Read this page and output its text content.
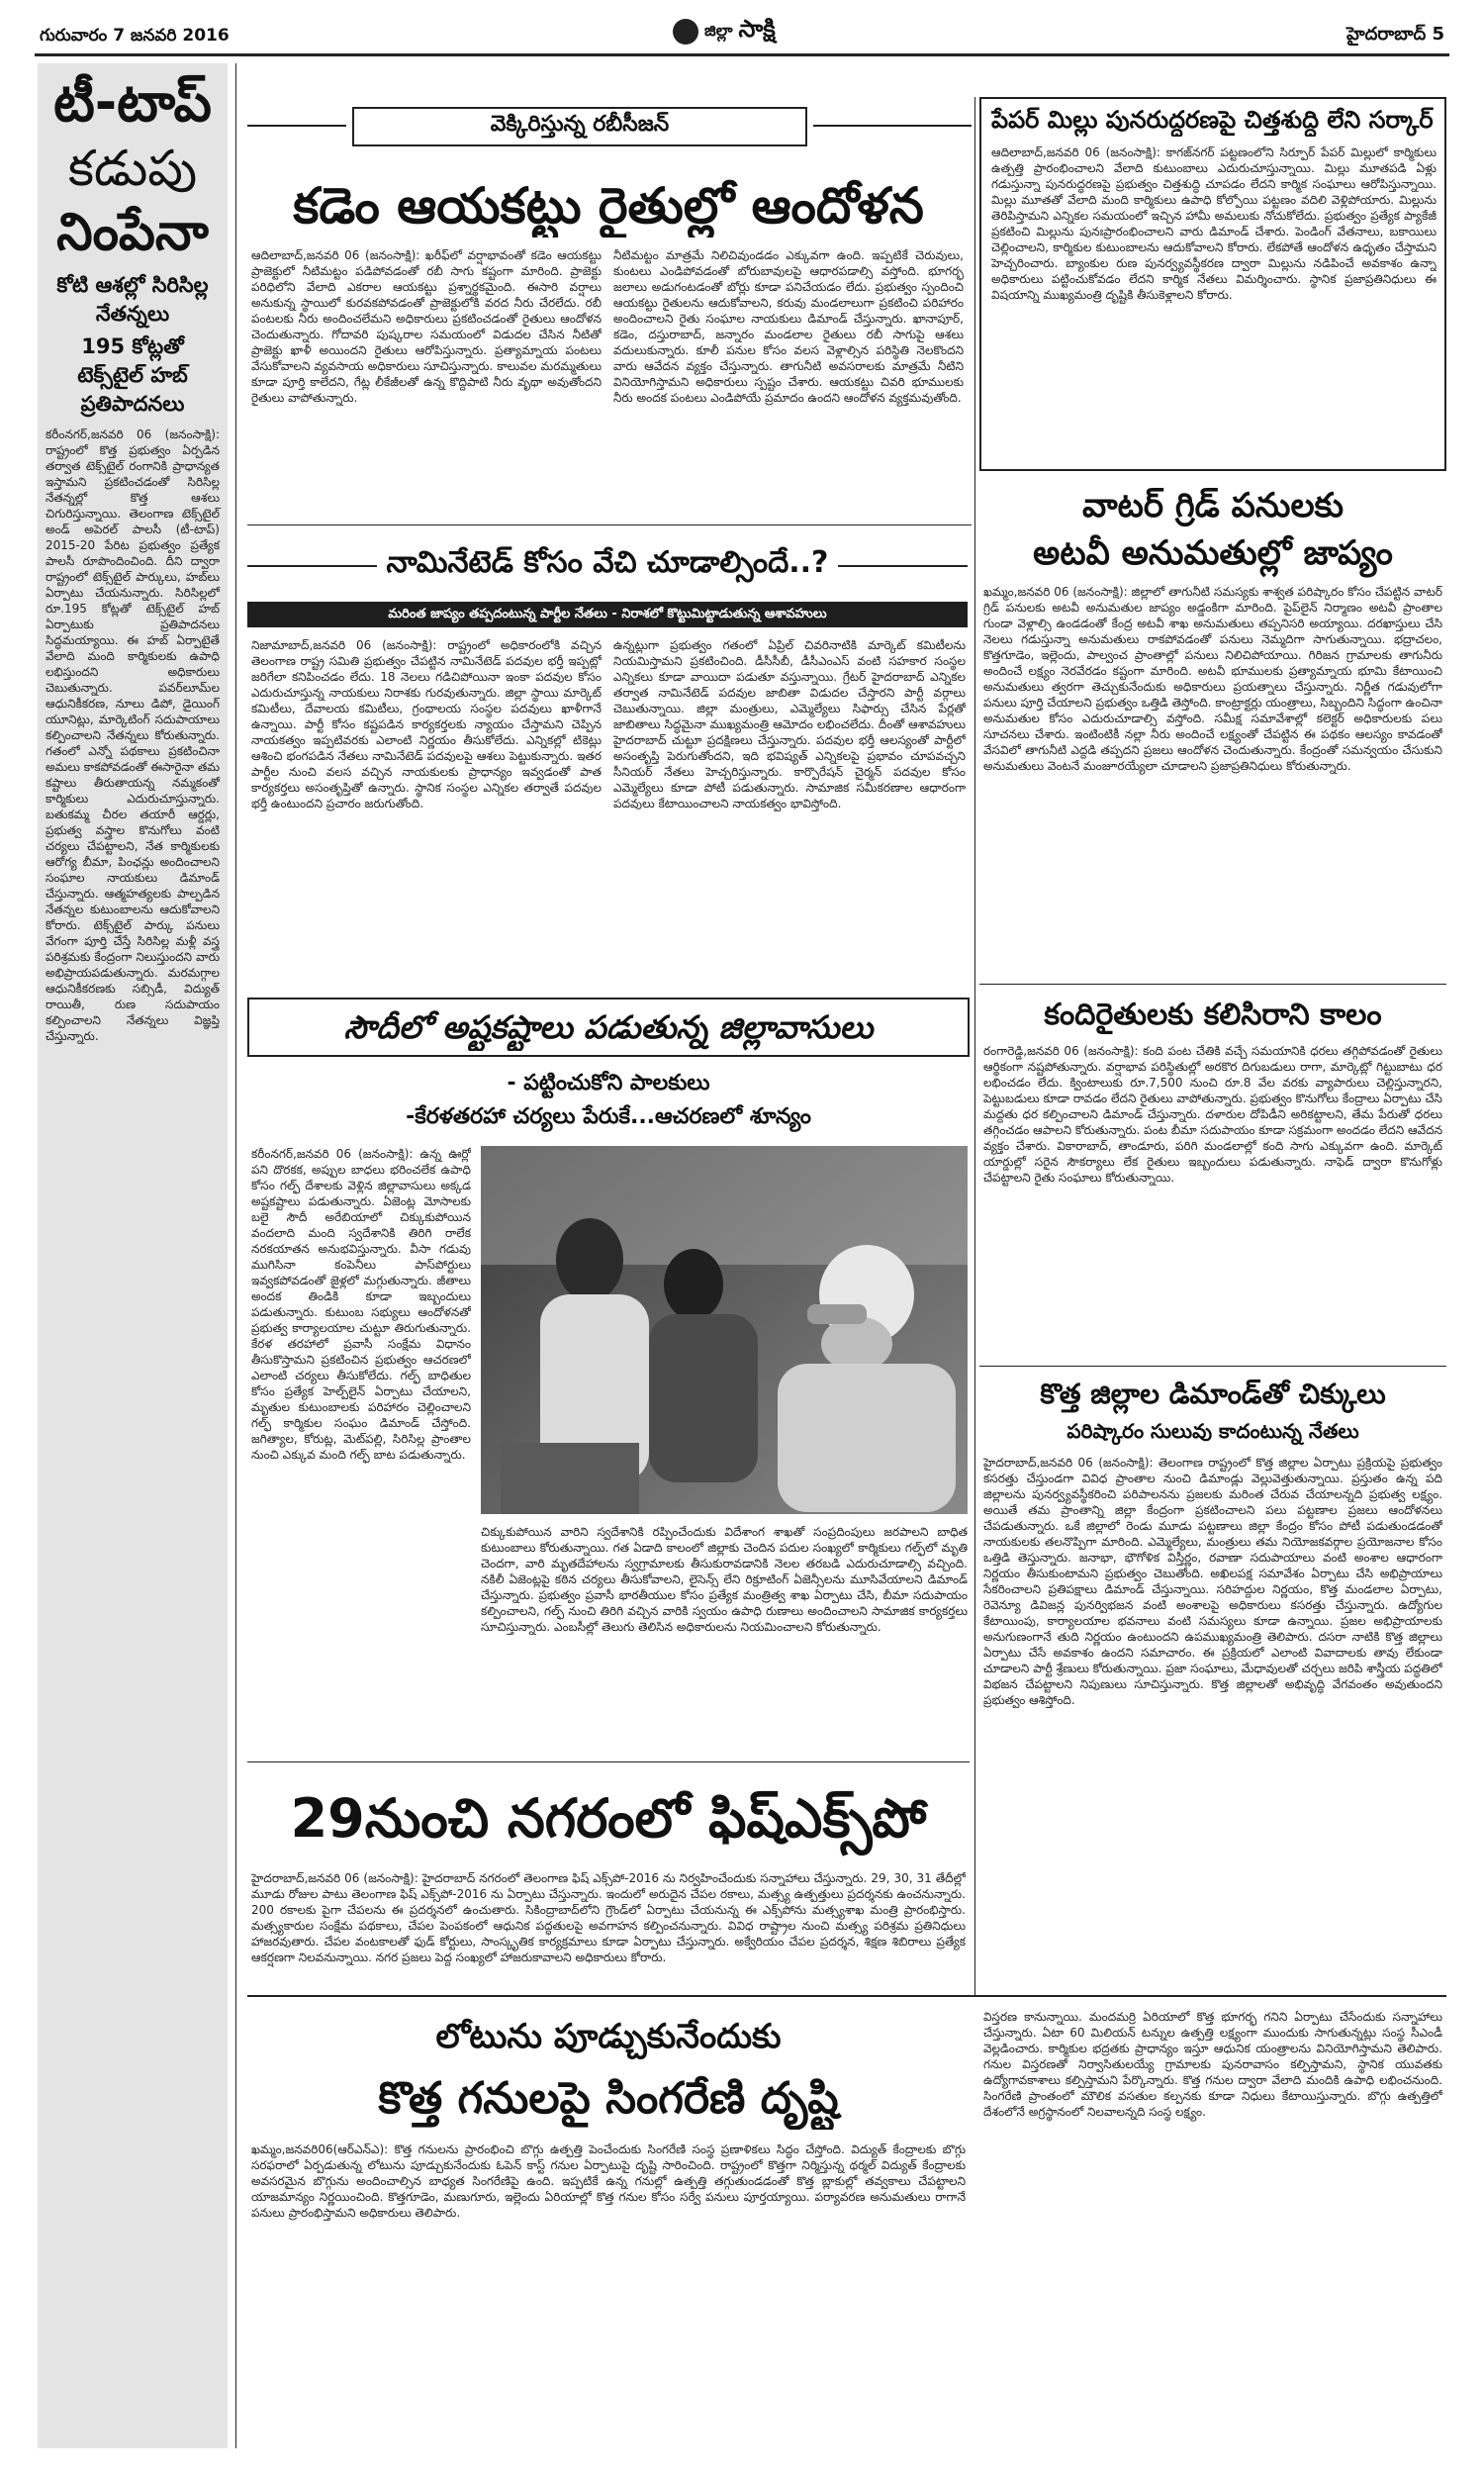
గురువారం 7 జనవరి 2016	జిల్లా సాక్షి	హైదరాబాద్ 5
టీ-టాప్
కడుపు
నింపేనా
కోటి ఆశల్లో సిరిసిల్ల నేతన్నలు
195 కోట్లతో టెక్స్‌టైల్ హబ్ ప్రతిపాదనలు
కరీంనగర్,జనవరి 06 (జనంసాక్షి): రాష్ట్రంలో కొత్త ప్రభుత్వం ఏర్పడిన తర్వాత టెక్స్‌టైల్ రంగానికి ప్రాధాన్యత ఇస్తామని ప్రకటించడంతో సిరిసిల్ల నేతన్నల్లో కొత్త ఆశలు చిగురిస్తున్నాయి. తెలంగాణ టెక్స్‌టైల్ అండ్ అపెరల్ పాలసీ (టీ-టాప్) 2015-20 పేరిట ప్రభుత్వం ప్రత్యేక పాలసీ రూపొందించింది. దీని ద్వారా రాష్ట్రంలో టెక్స్‌టైల్ పార్కులు, హబ్‌లు ఏర్పాటు చేయనున్నారు. సిరిసిల్లలో రూ.195 కోట్లతో టెక్స్‌టైల్ హబ్ ఏర్పాటుకు ప్రతిపాదనలు సిద్ధమయ్యాయి. ఈ హబ్ ఏర్పాటైతే వేలాది మంది కార్మికులకు ఉపాధి లభిస్తుందని అధికారులు చెబుతున్నారు. పవర్‌లూమ్‌ల ఆధునికీకరణ, నూలు డిపో, డైయింగ్ యూనిట్లు, మార్కెటింగ్ సదుపాయాలు కల్పించాలని నేతన్నలు కోరుతున్నారు. గతంలో ఎన్నో పథకాలు ప్రకటించినా అమలు కాకపోవడంతో ఈసారైనా తమ కష్టాలు తీరుతాయన్న నమ్మకంతో కార్మికులు ఎదురుచూస్తున్నారు. బతుకమ్మ చీరల తయారీ ఆర్డర్లు, ప్రభుత్వ వస్త్రాల కొనుగోలు వంటి చర్యలు చేపట్టాలని, నేత కార్మికులకు ఆరోగ్య బీమా, పింఛన్లు అందించాలని సంఘాల నాయకులు డిమాండ్ చేస్తున్నారు. ఆత్మహత్యలకు పాల్పడిన నేతన్నల కుటుంబాలను ఆదుకోవాలని కోరారు. టెక్స్‌టైల్ పార్కు పనులు వేగంగా పూర్తి చేస్తే సిరిసిల్ల మళ్లీ వస్త్ర పరిశ్రమకు కేంద్రంగా నిలుస్తుందని వారు అభిప్రాయపడుతున్నారు. మరమగ్గాల ఆధునికీకరణకు సబ్సిడీ, విద్యుత్ రాయితీ, రుణ సదుపాయం కల్పించాలని నేతన్నలు విజ్ఞప్తి చేస్తున్నారు.
వెక్కిరిస్తున్న రబీసీజన్
కడెం ఆయకట్టు రైతుల్లో ఆందోళన
ఆదిలాబాద్,జనవరి 06 (జనంసాక్షి): ఖరీఫ్‌లో వర్షాభావంతో కడెం ఆయకట్టు ప్రాజెక్టులో నీటిమట్టం పడిపోవడంతో రబీ సాగు కష్టంగా మారింది. ప్రాజెక్టు పరిధిలోని వేలాది ఎకరాల ఆయకట్టు ప్రశ్నార్థకమైంది. ఈసారి వర్షాలు అనుకున్న స్థాయిలో కురవకపోవడంతో ప్రాజెక్టులోకి వరద నీరు చేరలేదు. రబీ పంటలకు నీరు అందించలేమని అధికారులు ప్రకటించడంతో రైతులు ఆందోళన చెందుతున్నారు. గోదావరి పుష్కరాల సమయంలో విడుదల చేసిన నీటితో ప్రాజెక్టు ఖాళీ అయిందని రైతులు ఆరోపిస్తున్నారు. ప్రత్యామ్నాయ పంటలు వేసుకోవాలని వ్యవసాయ అధికారులు సూచిస్తున్నారు. కాలువల మరమ్మతులు కూడా పూర్తి కాలేదని, గేట్ల లీకేజీలతో ఉన్న కొద్దిపాటి నీరు వృథా అవుతోందని రైతులు వాపోతున్నారు.
నీటిమట్టం మాత్రమే నిలిచివుండడం ఎక్కువగా ఉంది. ఇప్పటికే చెరువులు, కుంటలు ఎండిపోవడంతో బోరుబావులపై ఆధారపడాల్సి వస్తోంది. భూగర్భ జలాలు అడుగంటడంతో బోర్లు కూడా పనిచేయడం లేదు. ప్రభుత్వం స్పందించి ఆయకట్టు రైతులను ఆదుకోవాలని, కరువు మండలాలుగా ప్రకటించి పరిహారం అందించాలని రైతు సంఘాల నాయకులు డిమాండ్ చేస్తున్నారు. ఖానాపూర్, కడెం, దస్తురాబాద్, జన్నారం మండలాల రైతులు రబీ సాగుపై ఆశలు వదులుకున్నారు. కూలీ పనుల కోసం వలస వెళ్లాల్సిన పరిస్థితి నెలకొందని వారు ఆవేదన వ్యక్తం చేస్తున్నారు. తాగునీటి అవసరాలకు మాత్రమే నీటిని వినియోగిస్తామని అధికారులు స్పష్టం చేశారు. ఆయకట్టు చివరి భూములకు నీరు అందక పంటలు ఎండిపోయే ప్రమాదం ఉందని ఆందోళన వ్యక్తమవుతోంది.
పేపర్ మిల్లు పునరుద్ధరణపై చిత్తశుద్ధి లేని సర్కార్
ఆదిలాబాద్,జనవరి 06 (జనంసాక్షి): కాగజ్‌నగర్ పట్టణంలోని సిర్పూర్ పేపర్ మిల్లులో కార్మికులు ఉత్పత్తి ప్రారంభించాలని వేలాది కుటుంబాలు ఎదురుచూస్తున్నాయి. మిల్లు మూతపడి ఏళ్లు గడుస్తున్నా పునరుద్ధరణపై ప్రభుత్వం చిత్తశుద్ధి చూపడం లేదని కార్మిక సంఘాలు ఆరోపిస్తున్నాయి. మిల్లు మూతతో వేలాది మంది కార్మికులు ఉపాధి కోల్పోయి పట్టణం వదిలి వెళ్లిపోయారు. మిల్లును తెరిపిస్తామని ఎన్నికల సమయంలో ఇచ్చిన హామీ అమలుకు నోచుకోలేదు. ప్రభుత్వం ప్రత్యేక ప్యాకేజీ ప్రకటించి మిల్లును పునఃప్రారంభించాలని వారు డిమాండ్ చేశారు. పెండింగ్ వేతనాలు, బకాయిలు చెల్లించాలని, కార్మికుల కుటుంబాలను ఆదుకోవాలని కోరారు. లేకపోతే ఆందోళన ఉధృతం చేస్తామని హెచ్చరించారు. బ్యాంకుల రుణ పునర్వ్యవస్థీకరణ ద్వారా మిల్లును నడిపించే అవకాశం ఉన్నా అధికారులు పట్టించుకోవడం లేదని కార్మిక నేతలు విమర్శించారు. స్థానిక ప్రజాప్రతినిధులు ఈ విషయాన్ని ముఖ్యమంత్రి దృష్టికి తీసుకెళ్లాలని కోరారు.
వాటర్ గ్రిడ్ పనులకు
అటవీ అనుమతుల్లో జాప్యం
ఖమ్మం,జనవరి 06 (జనంసాక్షి): జిల్లాలో తాగునీటి సమస్యకు శాశ్వత పరిష్కారం కోసం చేపట్టిన వాటర్ గ్రిడ్ పనులకు అటవీ అనుమతుల జాప్యం అడ్డంకిగా మారింది. పైప్‌లైన్ నిర్మాణం అటవీ ప్రాంతాల గుండా వెళ్లాల్సి ఉండడంతో కేంద్ర అటవీ శాఖ అనుమతులు తప్పనిసరి అయ్యాయి. దరఖాస్తులు చేసి నెలలు గడుస్తున్నా అనుమతులు రాకపోవడంతో పనులు నెమ్మదిగా సాగుతున్నాయి. భద్రాచలం, కొత్తగూడెం, ఇల్లెందు, పాల్వంచ ప్రాంతాల్లో పనులు నిలిచిపోయాయి. గిరిజన గ్రామాలకు తాగునీరు అందించే లక్ష్యం నెరవేరడం కష్టంగా మారింది. అటవీ భూములకు ప్రత్యామ్నాయ భూమి కేటాయించి అనుమతులు త్వరగా తెచ్చుకునేందుకు అధికారులు ప్రయత్నాలు చేస్తున్నారు. నిర్ణీత గడువులోగా పనులు పూర్తి చేయాలని ప్రభుత్వం ఒత్తిడి తెస్తోంది. కాంట్రాక్టర్లు యంత్రాలు, సిబ్బందిని సిద్ధంగా ఉంచినా అనుమతుల కోసం ఎదురుచూడాల్సి వస్తోంది. సమీక్ష సమావేశాల్లో కలెక్టర్ అధికారులకు పలు సూచనలు చేశారు. ఇంటింటికీ నల్లా నీరు అందించే లక్ష్యంతో చేపట్టిన ఈ పథకం ఆలస్యం కావడంతో వేసవిలో తాగునీటి ఎద్దడి తప్పదని ప్రజలు ఆందోళన చెందుతున్నారు. కేంద్రంతో సమన్వయం చేసుకుని అనుమతులు వెంటనే మంజూరయ్యేలా చూడాలని ప్రజాప్రతినిధులు కోరుతున్నారు.
నామినేటెడ్ కోసం వేచి చూడాల్సిందే..?
మరింత జాప్యం తప్పదంటున్న పార్టీల నేతలు - నిరాశలో కొట్టుమిట్టాడుతున్న ఆశావహులు
నిజామాబాద్,జనవరి 06 (జనంసాక్షి): రాష్ట్రంలో అధికారంలోకి వచ్చిన తెలంగాణ రాష్ట్ర సమితి ప్రభుత్వం చేపట్టిన నామినేటెడ్ పదవుల భర్తీ ఇప్పట్లో జరిగేలా కనిపించడం లేదు. 18 నెలలు గడిచిపోయినా ఇంకా పదవుల కోసం ఎదురుచూస్తున్న నాయకులు నిరాశకు గురవుతున్నారు. జిల్లా స్థాయి మార్కెట్ కమిటీలు, దేవాలయ కమిటీలు, గ్రంథాలయ సంస్థల పదవులు ఖాళీగానే ఉన్నాయి. పార్టీ కోసం కష్టపడిన కార్యకర్తలకు న్యాయం చేస్తామని చెప్పిన నాయకత్వం ఇప్పటివరకు ఎలాంటి నిర్ణయం తీసుకోలేదు. ఎన్నికల్లో టికెట్లు ఆశించి భంగపడిన నేతలు నామినేటెడ్ పదవులపై ఆశలు పెట్టుకున్నారు. ఇతర పార్టీల నుంచి వలస వచ్చిన నాయకులకు ప్రాధాన్యం ఇవ్వడంతో పాత కార్యకర్తలు అసంతృప్తితో ఉన్నారు. స్థానిక సంస్థల ఎన్నికల తర్వాతే పదవుల భర్తీ ఉంటుందని ప్రచారం జరుగుతోంది.
ఉన్నట్లుగా ప్రభుత్వం గతంలో ఏప్రిల్ చివరినాటికి మార్కెట్ కమిటీలను నియమిస్తామని ప్రకటించింది. డీసీసీబీ, డీసీఎంఎస్ వంటి సహకార సంస్థల ఎన్నికలు కూడా వాయిదా పడుతూ వస్తున్నాయి. గ్రేటర్ హైదరాబాద్ ఎన్నికల తర్వాత నామినేటెడ్ పదవుల జాబితా విడుదల చేస్తారని పార్టీ వర్గాలు చెబుతున్నాయి. జిల్లా మంత్రులు, ఎమ్మెల్యేలు సిఫార్సు చేసిన పేర్లతో జాబితాలు సిద్ధమైనా ముఖ్యమంత్రి ఆమోదం లభించలేదు. దీంతో ఆశావహులు హైదరాబాద్ చుట్టూ ప్రదక్షిణలు చేస్తున్నారు. పదవుల భర్తీ ఆలస్యంతో పార్టీలో అసంతృప్తి పెరుగుతోందని, ఇది భవిష్యత్ ఎన్నికలపై ప్రభావం చూపవచ్చని సీనియర్ నేతలు హెచ్చరిస్తున్నారు. కార్పొరేషన్ చైర్మన్ పదవుల కోసం ఎమ్మెల్యేలు కూడా పోటీ పడుతున్నారు. సామాజిక సమీకరణాల ఆధారంగా పదవులు కేటాయించాలని నాయకత్వం భావిస్తోంది.
సౌదీలో అష్టకష్టాలు పడుతున్న జిల్లావాసులు
- పట్టించుకోని పాలకులు
-కేరళతరహా చర్యలు పేరుకే...ఆచరణలో శూన్యం
కరీంనగర్,జనవరి 06 (జనంసాక్షి): ఉన్న ఊర్లో పని దొరకక, అప్పుల బాధలు భరించలేక ఉపాధి కోసం గల్ఫ్ దేశాలకు వెళ్లిన జిల్లావాసులు అక్కడ అష్టకష్టాలు పడుతున్నారు. ఏజెంట్ల మోసాలకు బలై సౌదీ అరేబియాలో చిక్కుకుపోయిన వందలాది మంది స్వదేశానికి తిరిగి రాలేక నరకయాతన అనుభవిస్తున్నారు. వీసా గడువు ముగిసినా కంపెనీలు పాస్‌పోర్టులు ఇవ్వకపోవడంతో జైళ్లలో మగ్గుతున్నారు. జీతాలు అందక తిండికి కూడా ఇబ్బందులు పడుతున్నారు. కుటుంబ సభ్యులు ఆందోళనతో ప్రభుత్వ కార్యాలయాల చుట్టూ తిరుగుతున్నారు. కేరళ తరహాలో ప్రవాసీ సంక్షేమ విధానం తీసుకొస్తామని ప్రకటించిన ప్రభుత్వం ఆచరణలో ఎలాంటి చర్యలు తీసుకోలేదు. గల్ఫ్ బాధితుల కోసం ప్రత్యేక హెల్ప్‌లైన్ ఏర్పాటు చేయాలని, మృతుల కుటుంబాలకు పరిహారం చెల్లించాలని గల్ఫ్ కార్మికుల సంఘం డిమాండ్ చేస్తోంది. జగిత్యాల, కోరుట్ల, మెట్‌పల్లి, సిరిసిల్ల ప్రాంతాల నుంచి ఎక్కువ మంది గల్ఫ్ బాట పడుతున్నారు.
చిక్కుకుపోయిన వారిని స్వదేశానికి రప్పించేందుకు విదేశాంగ శాఖతో సంప్రదింపులు జరపాలని బాధిత కుటుంబాలు కోరుతున్నాయి. గత ఏడాది కాలంలో జిల్లాకు చెందిన పదుల సంఖ్యలో కార్మికులు గల్ఫ్‌లో మృతి చెందగా, వారి మృతదేహాలను స్వగ్రామాలకు తీసుకురావడానికి నెలల తరబడి ఎదురుచూడాల్సి వచ్చింది. నకిలీ ఏజెంట్లపై కఠిన చర్యలు తీసుకోవాలని, లైసెన్స్ లేని రిక్రూటింగ్ ఏజెన్సీలను మూసివేయాలని డిమాండ్ చేస్తున్నారు. ప్రభుత్వం ప్రవాసీ భారతీయుల కోసం ప్రత్యేక మంత్రిత్వ శాఖ ఏర్పాటు చేసి, బీమా సదుపాయం కల్పించాలని, గల్ఫ్ నుంచి తిరిగి వచ్చిన వారికి స్వయం ఉపాధి రుణాలు అందించాలని సామాజిక కార్యకర్తలు సూచిస్తున్నారు. ఎంబసీల్లో తెలుగు తెలిసిన అధికారులను నియమించాలని కోరుతున్నారు.
కందిరైతులకు కలిసిరాని కాలం
రంగారెడ్డి,జనవరి 06 (జనంసాక్షి): కంది పంట చేతికి వచ్చే సమయానికి ధరలు తగ్గిపోవడంతో రైతులు ఆర్థికంగా నష్టపోతున్నారు. వర్షాభావ పరిస్థితుల్లో అరకొర దిగుబడులు రాగా, మార్కెట్లో గిట్టుబాటు ధర లభించడం లేదు. క్వింటాలుకు రూ.7,500 నుంచి రూ.8 వేల వరకు వ్యాపారులు చెల్లిస్తున్నారని, పెట్టుబడులు కూడా రావడం లేదని రైతులు వాపోతున్నారు. ప్రభుత్వం కొనుగోలు కేంద్రాలు ఏర్పాటు చేసి మద్దతు ధర కల్పించాలని డిమాండ్ చేస్తున్నారు. దళారుల దోపిడీని అరికట్టాలని, తేమ పేరుతో ధరలు తగ్గించడం ఆపాలని కోరుతున్నారు. పంట బీమా సదుపాయం కూడా సక్రమంగా అందడం లేదని ఆవేదన వ్యక్తం చేశారు. వికారాబాద్, తాండూరు, పరిగి మండలాల్లో కంది సాగు ఎక్కువగా ఉంది. మార్కెట్ యార్డుల్లో సరైన సౌకర్యాలు లేక రైతులు ఇబ్బందులు పడుతున్నారు. నాఫెడ్ ద్వారా కొనుగోళ్లు చేపట్టాలని రైతు సంఘాలు కోరుతున్నాయి.
కొత్త జిల్లాల డిమాండ్‌తో చిక్కులు
పరిష్కారం సులువు కాదంటున్న నేతలు
హైదరాబాద్,జనవరి 06 (జనంసాక్షి): తెలంగాణ రాష్ట్రంలో కొత్త జిల్లాల ఏర్పాటు ప్రక్రియపై ప్రభుత్వం కసరత్తు చేస్తుండగా వివిధ ప్రాంతాల నుంచి డిమాండ్లు వెల్లువెత్తుతున్నాయి. ప్రస్తుతం ఉన్న పది జిల్లాలను పునర్వ్యవస్థీకరించి పరిపాలనను ప్రజలకు మరింత చేరువ చేయాలన్నది ప్రభుత్వ లక్ష్యం. అయితే తమ ప్రాంతాన్ని జిల్లా కేంద్రంగా ప్రకటించాలని పలు పట్టణాల ప్రజలు ఆందోళనలు చేపడుతున్నారు. ఒకే జిల్లాలో రెండు మూడు పట్టణాలు జిల్లా కేంద్రం కోసం పోటీ పడుతుండడంతో నాయకులకు తలనొప్పిగా మారింది. ఎమ్మెల్యేలు, మంత్రులు తమ నియోజకవర్గాల ప్రయోజనాల కోసం ఒత్తిడి తెస్తున్నారు. జనాభా, భౌగోళిక విస్తీర్ణం, రవాణా సదుపాయాలు వంటి అంశాల ఆధారంగా నిర్ణయం తీసుకుంటామని ప్రభుత్వం చెబుతోంది. అఖిలపక్ష సమావేశం ఏర్పాటు చేసి అభిప్రాయాలు సేకరించాలని ప్రతిపక్షాలు డిమాండ్ చేస్తున్నాయి. సరిహద్దుల నిర్ణయం, కొత్త మండలాల ఏర్పాటు, రెవెన్యూ డివిజన్ల పునర్విభజన వంటి అంశాలపై అధికారులు కసరత్తు చేస్తున్నారు. ఉద్యోగుల కేటాయింపు, కార్యాలయాల భవనాలు వంటి సమస్యలు కూడా ఉన్నాయి. ప్రజల అభిప్రాయాలకు అనుగుణంగానే తుది నిర్ణయం ఉంటుందని ఉపముఖ్యమంత్రి తెలిపారు. దసరా నాటికి కొత్త జిల్లాలు ఏర్పాటు చేసే అవకాశం ఉందని సమాచారం. ఈ ప్రక్రియలో ఎలాంటి వివాదాలకు తావు లేకుండా చూడాలని పార్టీ శ్రేణులు కోరుతున్నాయి. ప్రజా సంఘాలు, మేధావులతో చర్చలు జరిపి శాస్త్రీయ పద్ధతిలో విభజన చేపట్టాలని నిపుణులు సూచిస్తున్నారు. కొత్త జిల్లాలతో అభివృద్ధి వేగవంతం అవుతుందని ప్రభుత్వం ఆశిస్తోంది.
29నుంచి నగరంలో ఫిష్‌ఎక్స్‌పో
హైదరాబాద్,జనవరి 06 (జనంసాక్షి): హైదరాబాద్ నగరంలో తెలంగాణ ఫిష్ ఎక్స్‌పో-2016 ను నిర్వహించేందుకు సన్నాహాలు చేస్తున్నారు. 29, 30, 31 తేదీల్లో మూడు రోజుల పాటు తెలంగాణ ఫిష్ ఎక్స్‌పో-2016 ను ఏర్పాటు చేస్తున్నారు. ఇందులో అరుదైన చేపల రకాలు, మత్స్య ఉత్పత్తులు ప్రదర్శనకు ఉంచనున్నారు. 200 రకాలకు పైగా చేపలను ఈ ప్రదర్శనలో ఉంచుతారు. సికింద్రాబాద్‌లోని గ్రౌండ్‌లో ఏర్పాటు చేయనున్న ఈ ఎక్స్‌పోను మత్స్యశాఖ మంత్రి ప్రారంభిస్తారు. మత్స్యకారుల సంక్షేమ పథకాలు, చేపల పెంపకంలో ఆధునిక పద్ధతులపై అవగాహన కల్పించనున్నారు. వివిధ రాష్ట్రాల నుంచి మత్స్య పరిశ్రమ ప్రతినిధులు హాజరవుతారు. చేపల వంటకాలతో ఫుడ్ కోర్టులు, సాంస్కృతిక కార్యక్రమాలు కూడా ఏర్పాటు చేస్తున్నారు. అక్వేరియం చేపల ప్రదర్శన, శిక్షణ శిబిరాలు ప్రత్యేక ఆకర్షణగా నిలవనున్నాయి. నగర ప్రజలు పెద్ద సంఖ్యలో హాజరుకావాలని అధికారులు కోరారు.
లోటును పూడ్చుకునేందుకు
కొత్త గనులపై సింగరేణి దృష్టి
ఖమ్మం,జనవరి06(ఆర్ఎన్ఎ): కొత్త గనులను ప్రారంభించి బొగ్గు ఉత్పత్తి పెంచేందుకు సింగరేణి సంస్థ ప్రణాళికలు సిద్ధం చేస్తోంది. విద్యుత్ కేంద్రాలకు బొగ్గు సరఫరాలో ఏర్పడుతున్న లోటును పూడ్చుకునేందుకు ఓపెన్ కాస్ట్ గనుల ఏర్పాటుపై దృష్టి సారించింది. రాష్ట్రంలో కొత్తగా నిర్మిస్తున్న థర్మల్ విద్యుత్ కేంద్రాలకు అవసరమైన బొగ్గును అందించాల్సిన బాధ్యత సింగరేణిపై ఉంది. ఇప్పటికే ఉన్న గనుల్లో ఉత్పత్తి తగ్గుతుండడంతో కొత్త బ్లాకుల్లో తవ్వకాలు చేపట్టాలని యాజమాన్యం నిర్ణయించింది. కొత్తగూడెం, మణుగూరు, ఇల్లెందు ఏరియాల్లో కొత్త గనుల కోసం సర్వే పనులు పూర్తయ్యాయి. పర్యావరణ అనుమతులు రాగానే పనులు ప్రారంభిస్తామని అధికారులు తెలిపారు.
విస్తరణ కానున్నాయి. మందమర్రి ఏరియాలో కొత్త భూగర్భ గనిని ఏర్పాటు చేసేందుకు సన్నాహాలు చేస్తున్నారు. ఏటా 60 మిలియన్ టన్నుల ఉత్పత్తి లక్ష్యంగా ముందుకు సాగుతున్నట్లు సంస్థ సీఎండీ వెల్లడించారు. కార్మికుల భద్రతకు ప్రాధాన్యం ఇస్తూ ఆధునిక యంత్రాలను వినియోగిస్తామని తెలిపారు. గనుల విస్తరణతో నిర్వాసితులయ్యే గ్రామాలకు పునరావాసం కల్పిస్తామని, స్థానిక యువతకు ఉద్యోగావకాశాలు కల్పిస్తామని పేర్కొన్నారు. కొత్త గనుల ద్వారా వేలాది మందికి ఉపాధి లభించనుంది. సింగరేణి ప్రాంతంలో మౌలిక వసతుల కల్పనకు కూడా నిధులు కేటాయిస్తున్నారు. బొగ్గు ఉత్పత్తిలో దేశంలోనే అగ్రస్థానంలో నిలవాలన్నది సంస్థ లక్ష్యం.
